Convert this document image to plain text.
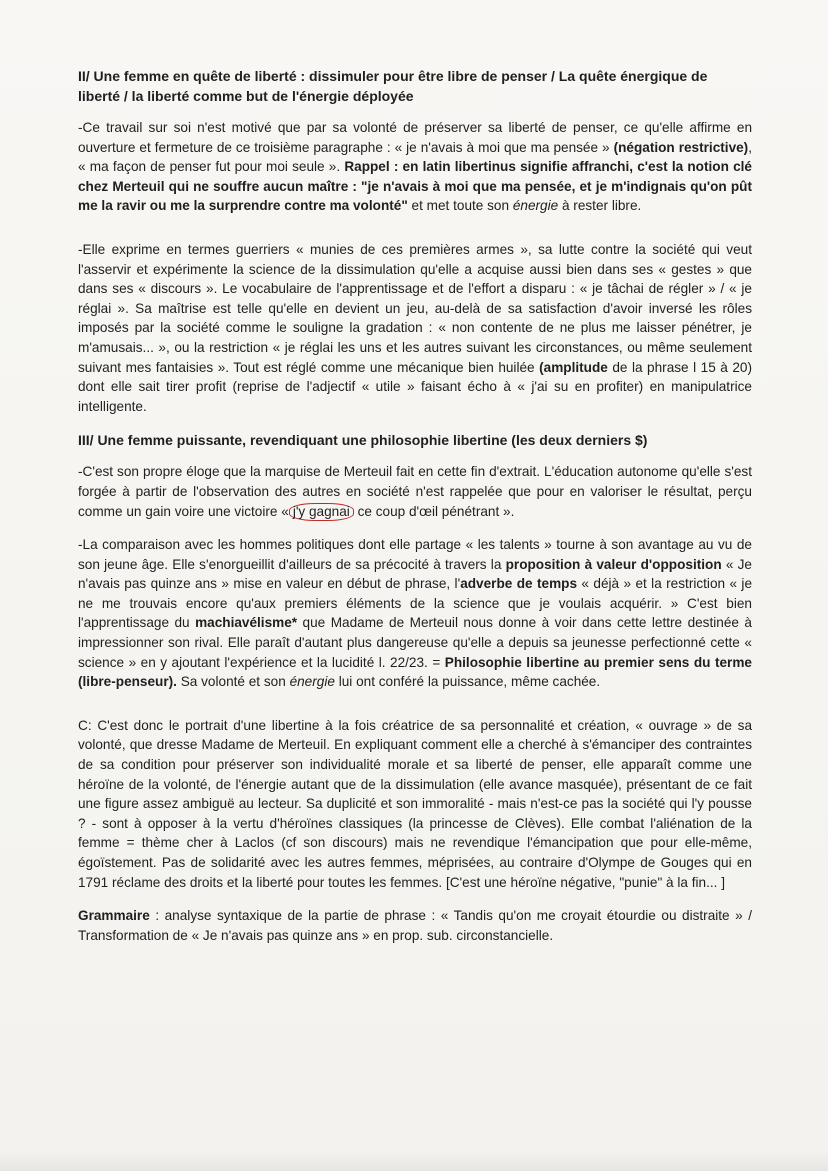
II/ Une femme en quête de liberté : dissimuler pour être libre de penser / La quête énergique de liberté / la liberté comme but de l'énergie déployée

-Ce travail sur soi n'est motivé que par sa volonté de préserver sa liberté de penser, ce qu'elle affirme en ouverture et fermeture de ce troisième paragraphe : « je n'avais à moi que ma pensée » (négation restrictive), « ma façon de penser fut pour moi seule ». Rappel : en latin libertinus signifie affranchi, c'est la notion clé chez Merteuil qui ne souffre aucun maître : "je n'avais à moi que ma pensée, et je m'indignais qu'on pût me la ravir ou me la surprendre contre ma volonté" et met toute son énergie à rester libre.

-Elle exprime en termes guerriers « munies de ces premières armes », sa lutte contre la société qui veut l'asservir et expérimente la science de la dissimulation qu'elle a acquise aussi bien dans ses « gestes » que dans ses « discours ». Le vocabulaire de l'apprentissage et de l'effort a disparu : « je tâchai de régler » / « je réglai ». Sa maîtrise est telle qu'elle en devient un jeu, au-delà de sa satisfaction d'avoir inversé les rôles imposés par la société comme le souligne la gradation : « non contente de ne plus me laisser pénétrer, je m'amusais... », ou la restriction « je réglai les uns et les autres suivant les circonstances, ou même seulement suivant mes fantaisies ». Tout est réglé comme une mécanique bien huilée (amplitude de la phrase l 15 à 20) dont elle sait tirer profit (reprise de l'adjectif « utile » faisant écho à « j'ai su en profiter) en manipulatrice intelligente.

III/ Une femme puissante, revendiquant une philosophie libertine (les deux derniers $)

-C'est son propre éloge que la marquise de Merteuil fait en cette fin d'extrait. L'éducation autonome qu'elle s'est forgée à partir de l'observation des autres en société n'est rappelée que pour en valoriser le résultat, perçu comme un gain voire une victoire « j'y gagnai ce coup d'œil pénétrant ».

-La comparaison avec les hommes politiques dont elle partage « les talents » tourne à son avantage au vu de son jeune âge. Elle s'enorgueillit d'ailleurs de sa précocité à travers la proposition à valeur d'opposition « Je n'avais pas quinze ans » mise en valeur en début de phrase, l'adverbe de temps « déjà » et la restriction « je ne me trouvais encore qu'aux premiers éléments de la science que je voulais acquérir. » C'est bien l'apprentissage du machiavélisme* que Madame de Merteuil nous donne à voir dans cette lettre destinée à impressionner son rival. Elle paraît d'autant plus dangereuse qu'elle a depuis sa jeunesse perfectionné cette « science » en y ajoutant l'expérience et la lucidité l. 22/23. = Philosophie libertine au premier sens du terme (libre-penseur). Sa volonté et son énergie lui ont conféré la puissance, même cachée.

C: C'est donc le portrait d'une libertine à la fois créatrice de sa personnalité et création, « ouvrage » de sa volonté, que dresse Madame de Merteuil. En expliquant comment elle a cherché à s'émanciper des contraintes de sa condition pour préserver son individualité morale et sa liberté de penser, elle apparaît comme une héroïne de la volonté, de l'énergie autant que de la dissimulation (elle avance masquée), présentant de ce fait une figure assez ambiguë au lecteur. Sa duplicité et son immoralité - mais n'est-ce pas la société qui l'y pousse ? - sont à opposer à la vertu d'héroïnes classiques (la princesse de Clèves). Elle combat l'aliénation de la femme = thème cher à Laclos (cf son discours) mais ne revendique l'émancipation que pour elle-même, égoïstement. Pas de solidarité avec les autres femmes, méprisées, au contraire d'Olympe de Gouges qui en 1791 réclame des droits et la liberté pour toutes les femmes. [C'est une héroïne négative, "punie" à la fin... ]

Grammaire : analyse syntaxique de la partie de phrase : « Tandis qu'on me croyait étourdie ou distraite » / Transformation de « Je n'avais pas quinze ans » en prop. sub. circonstancielle.
